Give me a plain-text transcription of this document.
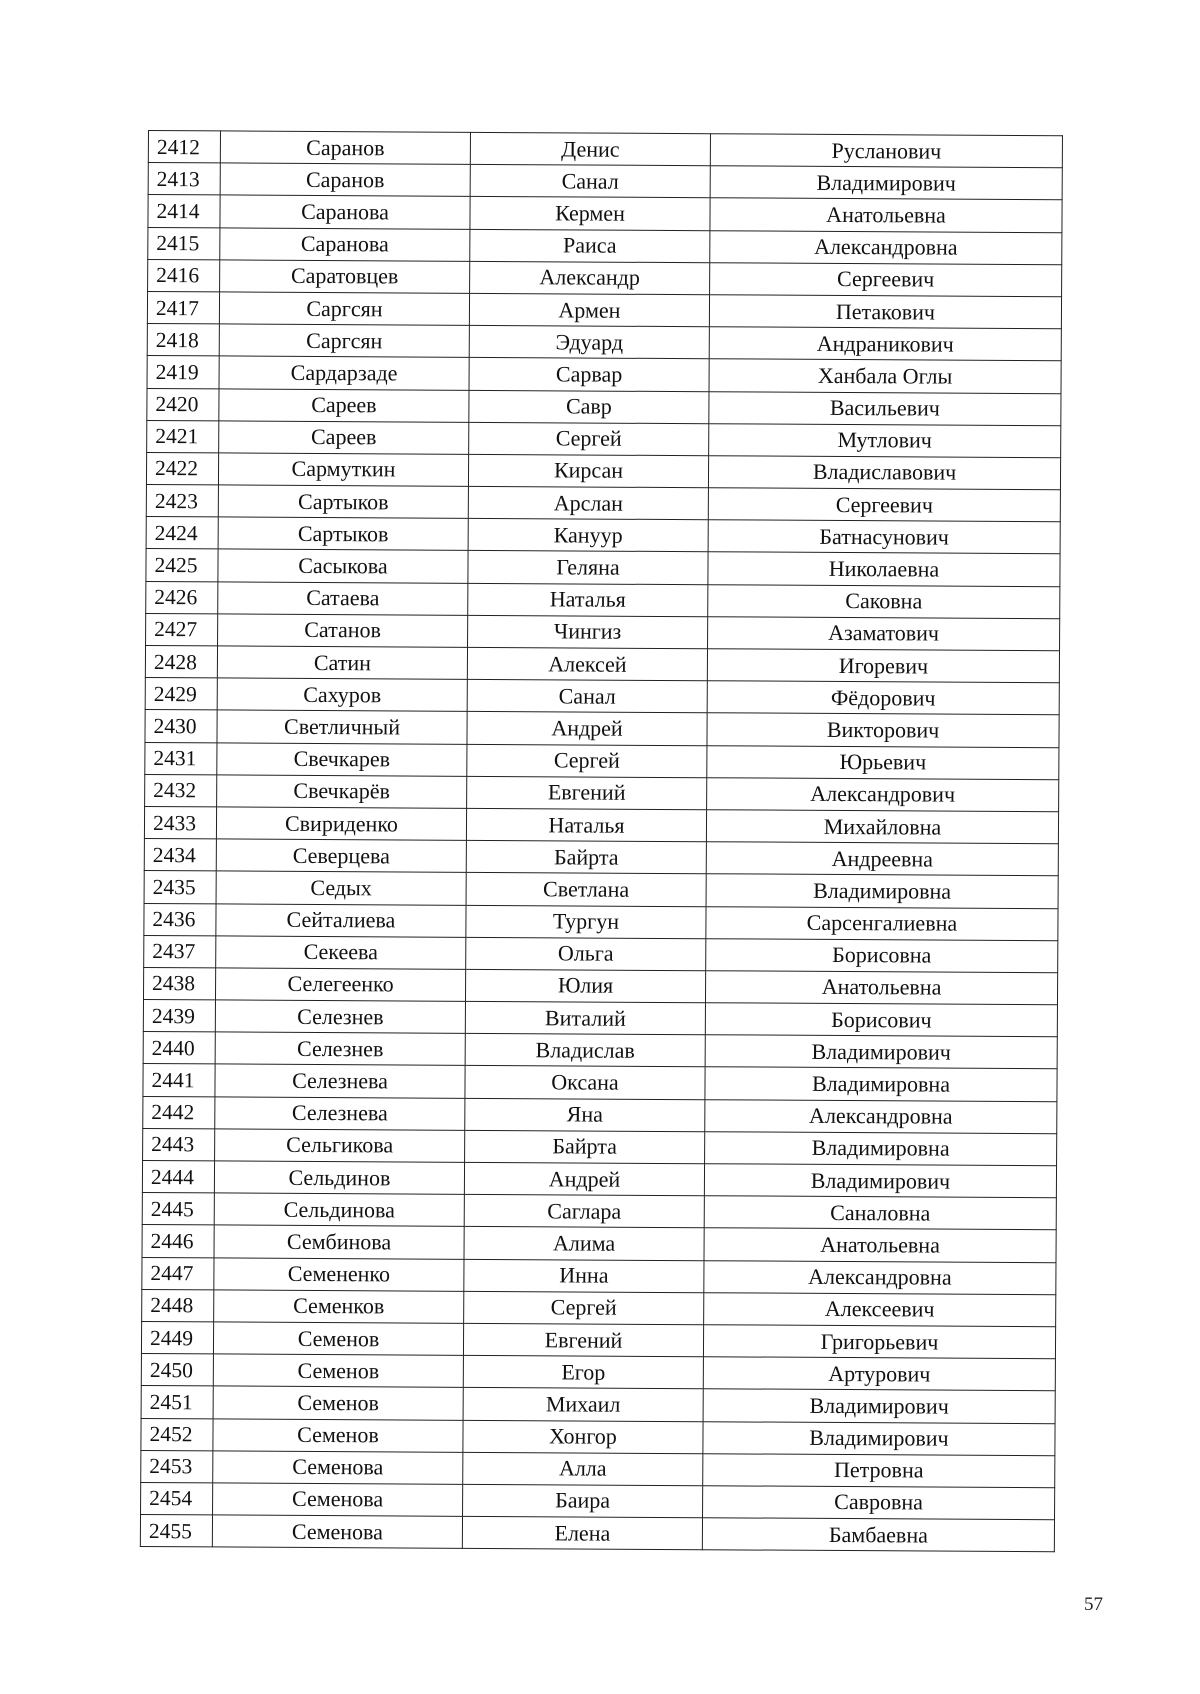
2412	Саранов	Денис	Русланович
2413	Саранов	Санал	Владимирович
2414	Саранова	Кермен	Анатольевна
2415	Саранова	Раиса	Александровна
2416	Саратовцев	Александр	Сергеевич
2417	Саргсян	Армен	Петакович
2418	Саргсян	Эдуард	Андраникович
2419	Сардарзаде	Сарвар	Ханбала Оглы
2420	Сареев	Савр	Васильевич
2421	Сареев	Сергей	Мутлович
2422	Сармуткин	Кирсан	Владиславович
2423	Сартыков	Арслан	Сергеевич
2424	Сартыков	Кануур	Батнасунович
2425	Сасыкова	Геляна	Николаевна
2426	Сатаева	Наталья	Саковна
2427	Сатанов	Чингиз	Азаматович
2428	Сатин	Алексей	Игоревич
2429	Сахуров	Санал	Фёдорович
2430	Светличный	Андрей	Викторович
2431	Свечкарев	Сергей	Юрьевич
2432	Свечкарёв	Евгений	Александрович
2433	Свириденко	Наталья	Михайловна
2434	Северцева	Байрта	Андреевна
2435	Седых	Светлана	Владимировна
2436	Сейталиева	Тургун	Сарсенгалиевна
2437	Секеева	Ольга	Борисовна
2438	Селегеенко	Юлия	Анатольевна
2439	Селезнев	Виталий	Борисович
2440	Селезнев	Владислав	Владимирович
2441	Селезнева	Оксана	Владимировна
2442	Селезнева	Яна	Александровна
2443	Сельгикова	Байрта	Владимировна
2444	Сельдинов	Андрей	Владимирович
2445	Сельдинова	Саглара	Саналовна
2446	Сембинова	Алима	Анатольевна
2447	Семененко	Инна	Александровна
2448	Семенков	Сергей	Алексеевич
2449	Семенов	Евгений	Григорьевич
2450	Семенов	Егор	Артурович
2451	Семенов	Михаил	Владимирович
2452	Семенов	Хонгор	Владимирович
2453	Семенова	Алла	Петровна
2454	Семенова	Баира	Савровна
2455	Семенова	Елена	Бамбаевна
57
